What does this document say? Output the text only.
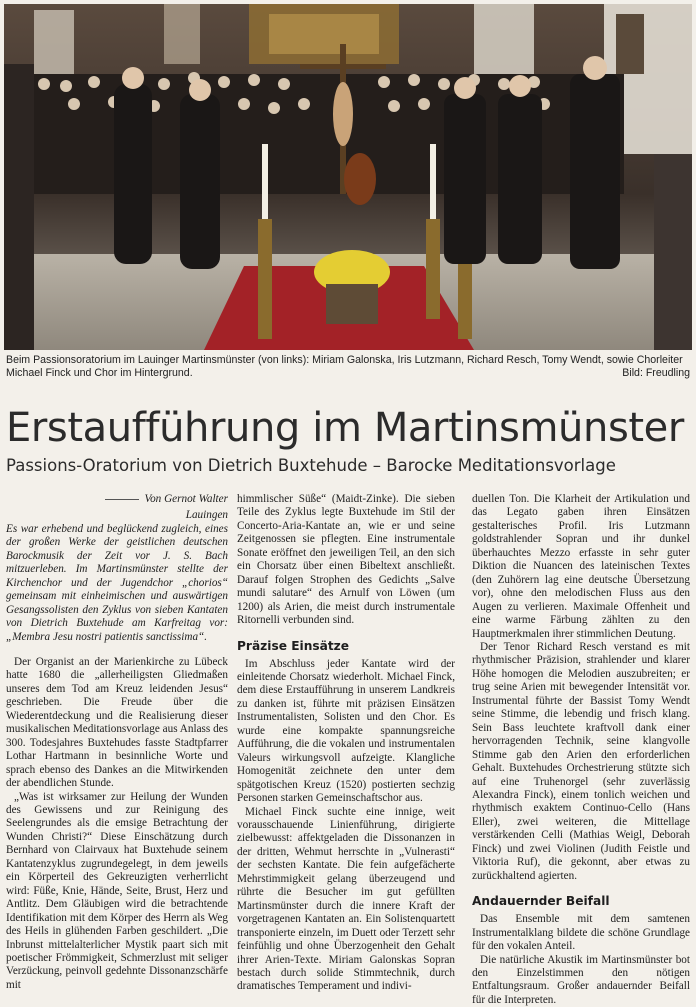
Beim Passionsoratorium im Lauinger Martinsmünster (von links): Miriam Galonska, Iris Lutzmann, Richard Resch, Tomy Wendt, sowie Chorleiter Michael Finck und Chor im Hintergrund.	Bild: Freudling
Erstaufführung im Martinsmünster
Passions-Oratorium von Dietrich Buxtehude – Barocke Meditationsvorlage
Von Gernot Walter
Lauingen

Es war erhebend und beglückend zugleich, eines der großen Werke der geistlichen deutschen Barockmusik der Zeit vor J. S. Bach mitzuerleben. Im Martinsmünster stellte der Kirchenchor und der Jugendchor „chorios“ gemeinsam mit einheimischen und auswärtigen Gesangssolisten den Zyklus von sieben Kantaten von Dietrich Buxtehude am Karfreitag vor: „Membra Jesu nostri patientis sanctissima“.

Der Organist an der Marienkirche zu Lübeck hatte 1680 die „allerheiligsten Gliedmaßen unseres dem Tod am Kreuz leidenden Jesus“ geschrieben. Die Freude über die Wiederentdeckung und die Realisierung dieser musikalischen Meditationsvorlage aus Anlass des 300. Todesjahres Buxtehudes fasste Stadtpfarrer Lothar Hartmann in besinnliche Worte und sprach ebenso des Dankes an die Mitwirkenden der abendlichen Stunde.

„Was ist wirksamer zur Heilung der Wunden des Gewissens und zur Reinigung des Seelengrundes als die emsige Betrachtung der Wunden Christi?“ Diese Einschätzung durch Bernhard von Clairvaux hat Buxtehude seinem Kantatenzyklus zugrundegelegt, in dem jeweils ein Körperteil des Gekreuzigten verherrlicht wird: Füße, Knie, Hände, Seite, Brust, Herz und Antlitz. Dem Gläubigen wird die betrachtende Identifikation mit dem Körper des Herrn als Weg des Heils in glühenden Farben geschildert. „Die Inbrunst mittelalterlicher Mystik paart sich mit poetischer Frömmigkeit, Schmerzlust mit seliger Verzückung, peinvoll gedehnte Dissonanzschärfe mit

himmlischer Süße“ (Maidt-Zinke). Die sieben Teile des Zyklus legte Buxtehude im Stil der Concerto-Aria-Kantate an, wie er und seine Zeitgenossen sie pflegten. Eine instrumentale Sonate eröffnet den jeweiligen Teil, an den sich ein Chorsatz über einen Bibeltext anschließt. Darauf folgen Strophen des Gedichts „Salve mundi salutare“ des Arnulf von Löwen (um 1200) als Arien, die meist durch instrumentale Ritornelli verbunden sind.

Präzise Einsätze

Im Abschluss jeder Kantate wird der einleitende Chorsatz wiederholt. Michael Finck, dem diese Erstaufführung in unserem Landkreis zu danken ist, führte mit präzisen Einsätzen Instrumentalisten, Solisten und den Chor. Es wurde eine kompakte spannungsreiche Aufführung, die die vokalen und instrumentalen Valeurs wirkungsvoll aufzeigte. Klangliche Homogenität zeichnete den unter dem spätgotischen Kreuz (1520) postierten sechzig Personen starken Gemeinschaftschor aus.

Michael Finck suchte eine innige, weit vorausschauende Linienführung, dirigierte zielbewusst: affektgeladen die Dissonanzen in der dritten, Wehmut herrschte in „Vulnerasti“ der sechsten Kantate. Die fein aufgefächerte Mehrstimmigkeit gelang überzeugend und rührte die Besucher im gut gefüllten Martinsmünster durch die innere Kraft der vorgetragenen Kantaten an. Ein Solistenquartett transponierte einzeln, im Duett oder Terzett sehr feinfühlig und ohne Überzogenheit den Gehalt ihrer Arien-Texte. Miriam Galonskas Sopran bestach durch solide Stimmtechnik, durch dramatisches Temperament und indivi-

duellen Ton. Die Klarheit der Artikulation und das Legato gaben ihren Einsätzen gestalterisches Profil. Iris Lutzmann goldstrahlender Sopran und ihr dunkel überhauchtes Mezzo erfasste in sehr guter Diktion die Nuancen des lateinischen Textes (den Zuhörern lag eine deutsche Übersetzung vor), ohne den melodischen Fluss aus den Augen zu verlieren. Maximale Offenheit und eine warme Färbung zählten zu den Hauptmerkmalen ihrer stimmlichen Deutung.

Der Tenor Richard Resch verstand es mit rhythmischer Präzision, strahlender und klarer Höhe homogen die Melodien auszubreiten; er trug seine Arien mit bewegender Intensität vor. Instrumental führte der Bassist Tomy Wendt seine Stimme, die lebendig und frisch klang. Sein Bass leuchtete kraftvoll dank einer hervorragenden Technik, seine klangvolle Stimme gab den Arien den erforderlichen Gehalt. Buxtehudes Orchestrierung stützte sich auf eine Truhenorgel (sehr zuverlässig Alexandra Finck), einem tonlich weichen und rhythmisch exaktem Continuo-Cello (Hans Eller), zwei weiteren, die Mittellage verstärkenden Celli (Mathias Weigl, Deborah Finck) und zwei Violinen (Judith Feistle und Viktoria Ruf), die gekonnt, aber etwas zu zurückhaltend agierten.

Andauernder Beifall

Das Ensemble mit dem samtenen Instrumentalklang bildete die schöne Grundlage für den vokalen Anteil.

Die natürliche Akustik im Martinsmünster bot den Einzelstimmen den nötigen Entfaltungsraum. Großer andauernder Beifall für die Interpreten.
